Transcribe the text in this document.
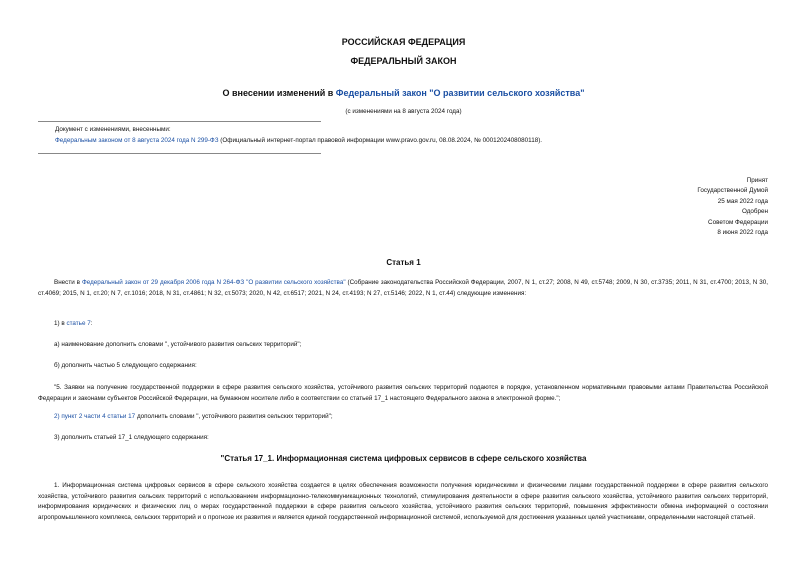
РОССИЙСКАЯ ФЕДЕРАЦИЯ
ФЕДЕРАЛЬНЫЙ ЗАКОН
О внесении изменений в Федеральный закон "О развитии сельского хозяйства"
(с изменениями на 8 августа 2024 года)
Документ с изменениями, внесенными:
Федеральным законом от 8 августа 2024 года N 299-ФЗ (Официальный интернет-портал правовой информации www.pravo.gov.ru, 08.08.2024, № 0001202408080118).
Принят
Государственной Думой
25 мая 2022 года
Одобрен
Советом Федерации
8 июня 2022 года
Статья 1

Внести в Федеральный закон от 29 декабря 2006 года N 264-ФЗ "О развитии сельского хозяйства" (Собрание законодательства Российской Федерации, 2007, N 1, ст.27; 2008, N 49, ст.5748; 2009, N 30, ст.3735; 2011, N 31, ст.4700; 2013, N 30, ст.4069; 2015, N 1, ст.20; N 7, ст.1016; 2018, N 31, ст.4861; N 32, ст.5073; 2020, N 42, ст.6517; 2021, N 24, ст.4193; N 27, ст.5146; 2022, N 1, ст.44) следующие изменения:

1) в статье 7:
а) наименование дополнить словами ", устойчивого развития сельских территорий";
б) дополнить частью 5 следующего содержания:

"5. Заявки на получение государственной поддержки в сфере развития сельского хозяйства, устойчивого развития сельских территорий подаются в порядке, установленном нормативными правовыми актами Правительства Российской Федерации и законами субъектов Российской Федерации, на бумажном носителе либо в соответствии со статьей 17_1 настоящего Федерального закона в электронной форме.";

2) пункт 2 части 4 статьи 17 дополнить словами ", устойчивого развития сельских территорий";
3) дополнить статьей 17_1 следующего содержания:
"Статья 17_1. Информационная система цифровых сервисов в сфере сельского хозяйства

1. Информационная система цифровых сервисов в сфере сельского хозяйства создается в целях обеспечения возможности получения юридическими и физическими лицами государственной поддержки в сфере развития сельского хозяйства, устойчивого развития сельских территорий с использованием информационно-телекоммуникационных технологий, стимулирования деятельности в сфере развития сельского хозяйства, устойчивого развития сельских территорий, информирования юридических и физических лиц о мерах государственной поддержки в сфере развития сельского хозяйства, устойчивого развития сельских территорий, повышения эффективности обмена информацией о состоянии агропромышленного комплекса, сельских территорий и о прогнозе их развития и является единой государственной информационной системой, используемой для достижения указанных целей участниками, определенными настоящей статьей.
